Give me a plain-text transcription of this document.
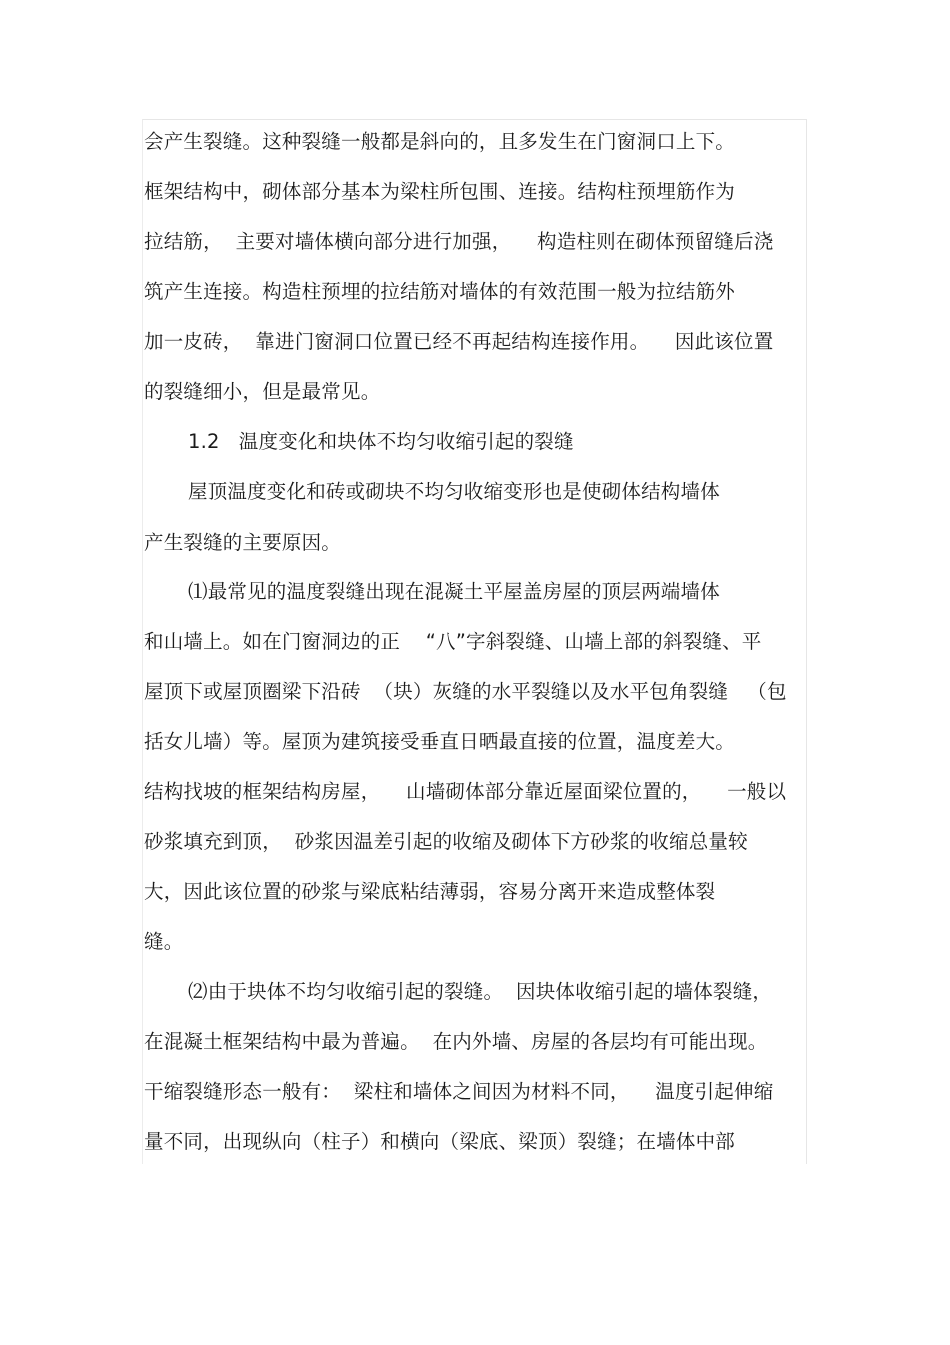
会产生裂缝。这种裂缝一般都是斜向的，且多发生在门窗洞口上下。
框架结构中，砌体部分基本为梁柱所包围、连接。结构柱预埋筋作为
拉结筋，  主要对墙体横向部分进行加强，    构造柱则在砌体预留缝后浇
筑产生连接。构造柱预埋的拉结筋对墙体的有效范围一般为拉结筋外
加一皮砖，  靠进门窗洞口位置已经不再起结构连接作用。    因此该位置
的裂缝细小，但是最常见。
1.2   温度变化和块体不均匀收缩引起的裂缝
屋顶温度变化和砖或砌块不均匀收缩变形也是使砌体结构墙体
产生裂缝的主要原因。
⑴最常见的温度裂缝出现在混凝土平屋盖房屋的顶层两端墙体
和山墙上。如在门窗洞边的正    “八”字斜裂缝、山墙上部的斜裂缝、平
屋顶下或屋顶圈梁下沿砖  （块）灰缝的水平裂缝以及水平包角裂缝   （包
括女儿墙）等。屋顶为建筑接受垂直日晒最直接的位置，温度差大。
结构找坡的框架结构房屋，    山墙砌体部分靠近屋面梁位置的，    一般以
砂浆填充到顶，  砂浆因温差引起的收缩及砌体下方砂浆的收缩总量较
大，因此该位置的砂浆与梁底粘结薄弱，容易分离开来造成整体裂
缝。
⑵由于块体不均匀收缩引起的裂缝。  因块体收缩引起的墙体裂缝，
在混凝土框架结构中最为普遍。  在内外墙、房屋的各层均有可能出现。
干缩裂缝形态一般有：  梁柱和墙体之间因为材料不同，    温度引起伸缩
量不同，出现纵向（柱子）和横向（梁底、梁顶）裂缝；在墙体中部
